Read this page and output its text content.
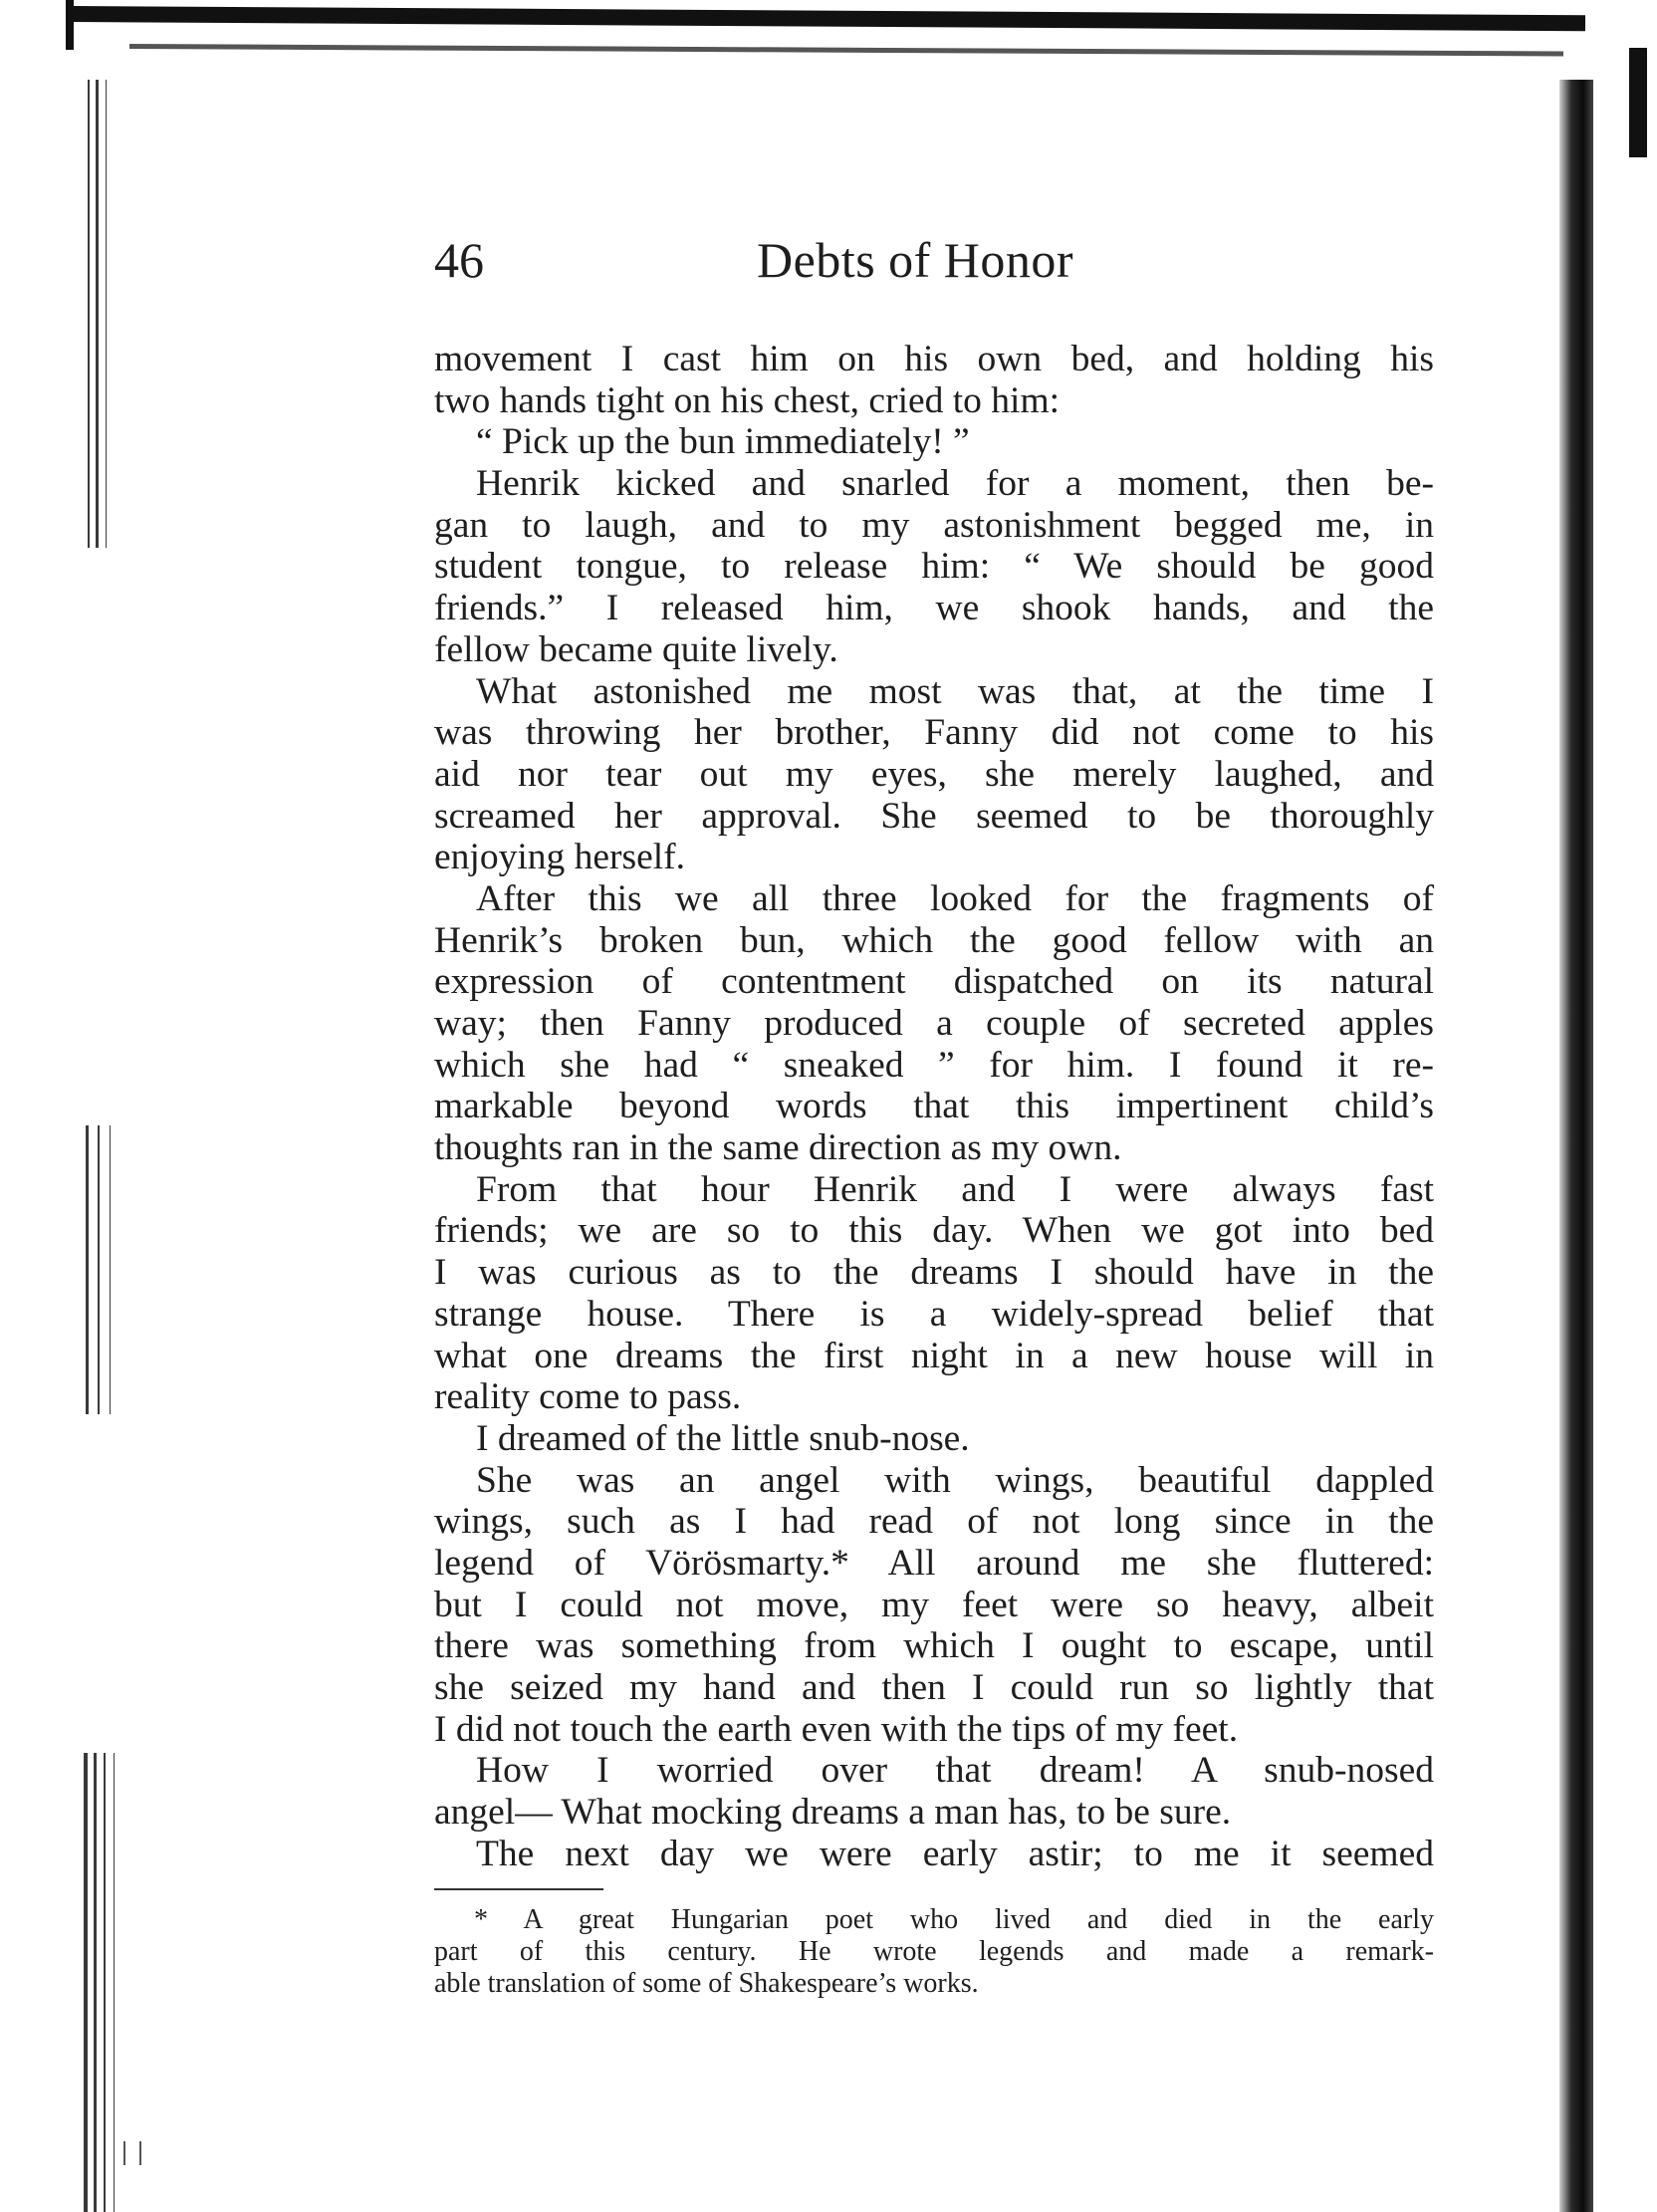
46	Debts of Honor
movement I cast him on his own bed, and holding his
two hands tight on his chest, cried to him:
“ Pick up the bun immediately! ”
Henrik kicked and snarled for a moment, then be-
gan to laugh, and to my astonishment begged me, in
student tongue, to release him: “ We should be good
friends.” I released him, we shook hands, and the
fellow became quite lively.
What astonished me most was that, at the time I
was throwing her brother, Fanny did not come to his
aid nor tear out my eyes, she merely laughed, and
screamed her approval. She seemed to be thoroughly
enjoying herself.
After this we all three looked for the fragments of
Henrik’s broken bun, which the good fellow with an
expression of contentment dispatched on its natural
way; then Fanny produced a couple of secreted apples
which she had “ sneaked ” for him. I found it re-
markable beyond words that this impertinent child’s
thoughts ran in the same direction as my own.
From that hour Henrik and I were always fast
friends; we are so to this day. When we got into bed
I was curious as to the dreams I should have in the
strange house. There is a widely-spread belief that
what one dreams the first night in a new house will in
reality come to pass.
I dreamed of the little snub-nose.
She was an angel with wings, beautiful dappled
wings, such as I had read of not long since in the
legend of Vörösmarty.* All around me she fluttered:
but I could not move, my feet were so heavy, albeit
there was something from which I ought to escape, until
she seized my hand and then I could run so lightly that
I did not touch the earth even with the tips of my feet.
How I worried over that dream! A snub-nosed
angel— What mocking dreams a man has, to be sure.
The next day we were early astir; to me it seemed
* A great Hungarian poet who lived and died in the early
part of this century. He wrote legends and made a remark-
able translation of some of Shakespeare’s works.
